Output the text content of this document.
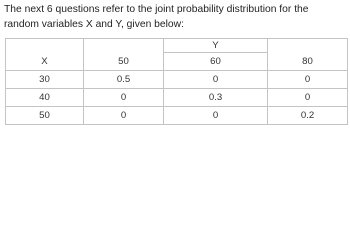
The next 6 questions refer to the joint probability distribution for the random variables X and Y, given below:

		Y	
X	50	60	80
30	0.5	0	0
40	0	0.3	0
50	0	0	0.2
